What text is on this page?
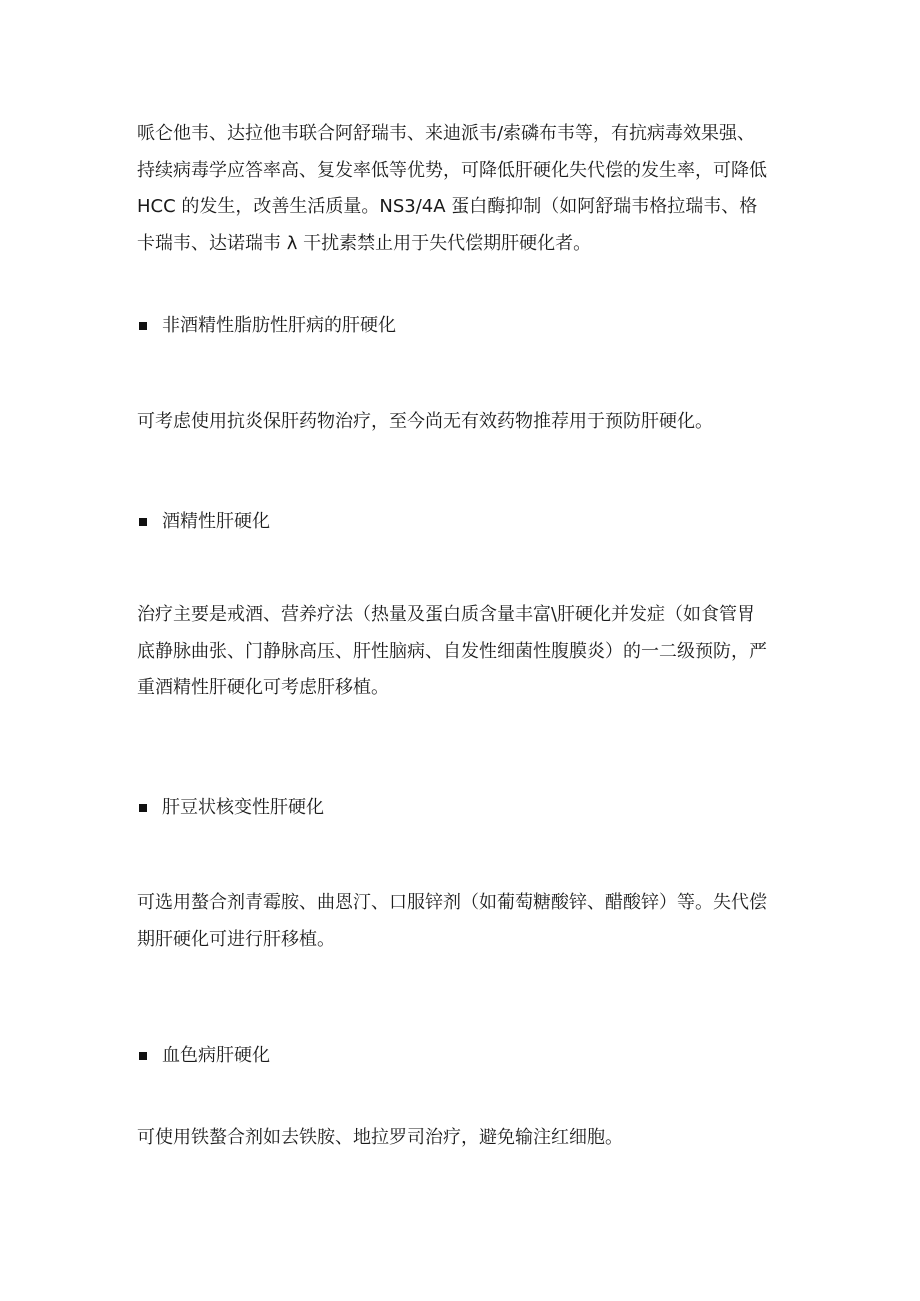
哌仑他韦、达拉他韦联合阿舒瑞韦、来迪派韦/索磷布韦等，有抗病毒效果强、
持续病毒学应答率高、复发率低等优势，可降低肝硬化失代偿的发生率，可降低
HCC 的发生，改善生活质量。NS3/4A 蛋白酶抑制（如阿舒瑞韦格拉瑞韦、格
卡瑞韦、达诺瑞韦 λ 干扰素禁止用于失代偿期肝硬化者。
非酒精性脂肪性肝病的肝硬化
可考虑使用抗炎保肝药物治疗，至今尚无有效药物推荐用于预防肝硬化。
酒精性肝硬化
治疗主要是戒酒、营养疗法（热量及蛋白质含量丰富\肝硬化并发症（如食管胃
底静脉曲张、门静脉高压、肝性脑病、自发性细菌性腹膜炎）的一二级预防，严
重酒精性肝硬化可考虑肝移植。
肝豆状核变性肝硬化
可选用螯合剂青霉胺、曲恩汀、口服锌剂（如葡萄糖酸锌、醋酸锌）等。失代偿
期肝硬化可进行肝移植。
血色病肝硬化
可使用铁螯合剂如去铁胺、地拉罗司治疗，避免输注红细胞。
